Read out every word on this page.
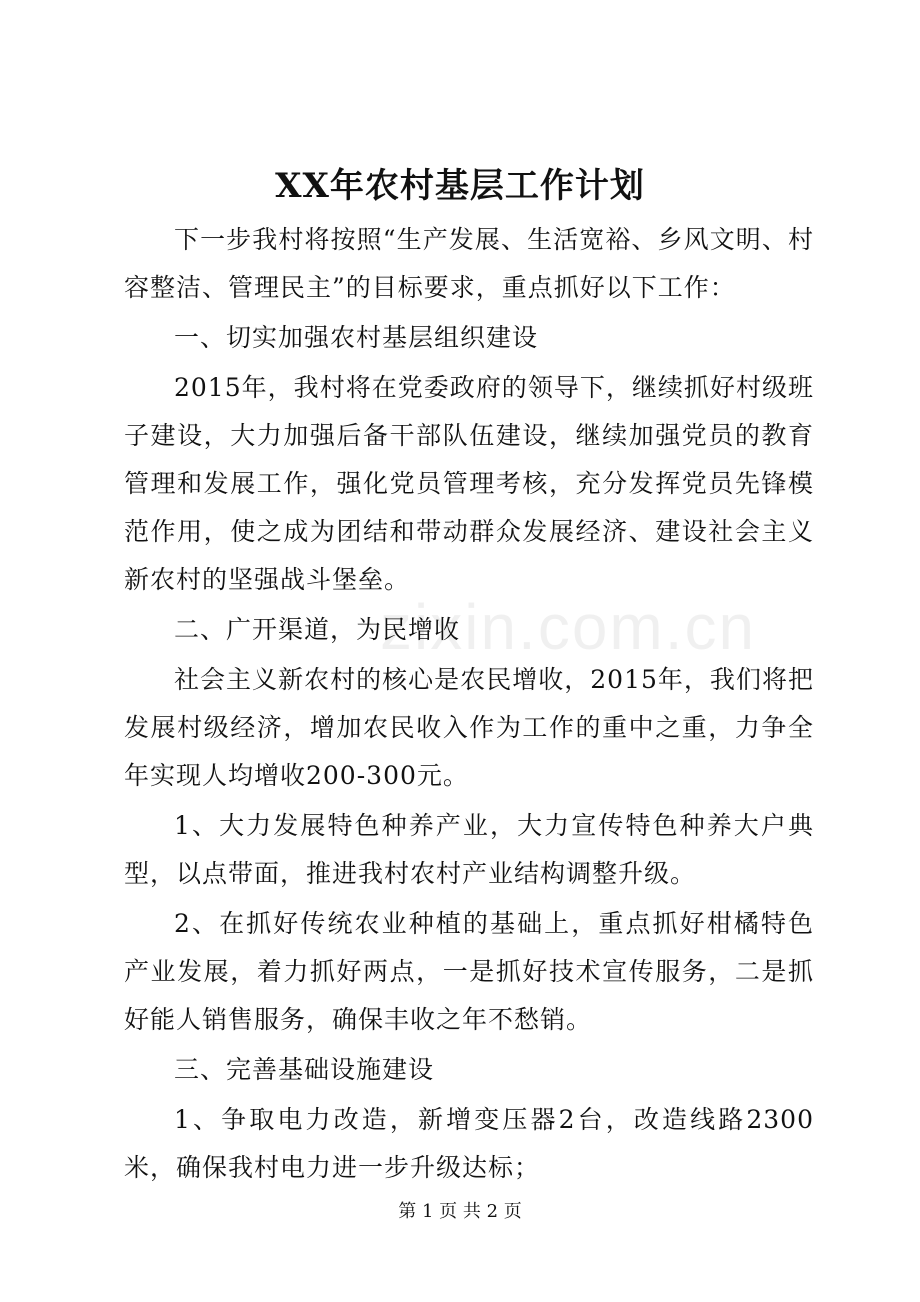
XX年农村基层工作计划

下一步我村将按照“生产发展、生活宽裕、乡风文明、村容整洁、管理民主”的目标要求，重点抓好以下工作：

一、切实加强农村基层组织建设

2015年，我村将在党委政府的领导下，继续抓好村级班子建设，大力加强后备干部队伍建设，继续加强党员的教育管理和发展工作，强化党员管理考核，充分发挥党员先锋模范作用，使之成为团结和带动群众发展经济、建设社会主义新农村的坚强战斗堡垒。

二、广开渠道，为民增收

社会主义新农村的核心是农民增收，2015年，我们将把发展村级经济，增加农民收入作为工作的重中之重，力争全年实现人均增收200-300元。

1、大力发展特色种养产业，大力宣传特色种养大户典型，以点带面，推进我村农村产业结构调整升级。

2、在抓好传统农业种植的基础上，重点抓好柑橘特色产业发展，着力抓好两点，一是抓好技术宣传服务，二是抓好能人销售服务，确保丰收之年不愁销。

三、完善基础设施建设

1、争取电力改造，新增变压器2台，改造线路2300米，确保我村电力进一步升级达标；

zixin.com.cn
第 1 页 共 2 页
